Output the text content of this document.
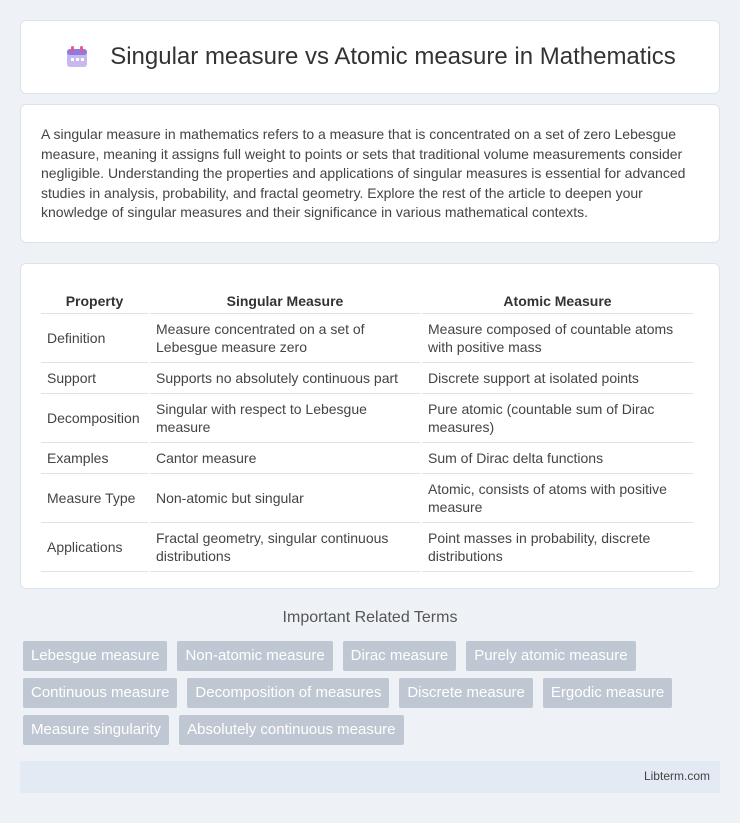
Singular measure vs Atomic measure in Mathematics

A singular measure in mathematics refers to a measure that is concentrated on a set of zero Lebesgue measure, meaning it assigns full weight to points or sets that traditional volume measurements consider negligible. Understanding the properties and applications of singular measures is essential for advanced studies in analysis, probability, and fractal geometry. Explore the rest of the article to deepen your knowledge of singular measures and their significance in various mathematical contexts.

Property	Singular Measure	Atomic Measure
Definition	Measure concentrated on a set of Lebesgue measure zero	Measure composed of countable atoms with positive mass
Support	Supports no absolutely continuous part	Discrete support at isolated points
Decomposition	Singular with respect to Lebesgue measure	Pure atomic (countable sum of Dirac measures)
Examples	Cantor measure	Sum of Dirac delta functions
Measure Type	Non-atomic but singular	Atomic, consists of atoms with positive measure
Applications	Fractal geometry, singular continuous distributions	Point masses in probability, discrete distributions
Important Related Terms
Lebesgue measure	Non-atomic measure	Dirac measure	Purely atomic measure
Continuous measure	Decomposition of measures	Discrete measure	Ergodic measure
Measure singularity	Absolutely continuous measure
Libterm.com
